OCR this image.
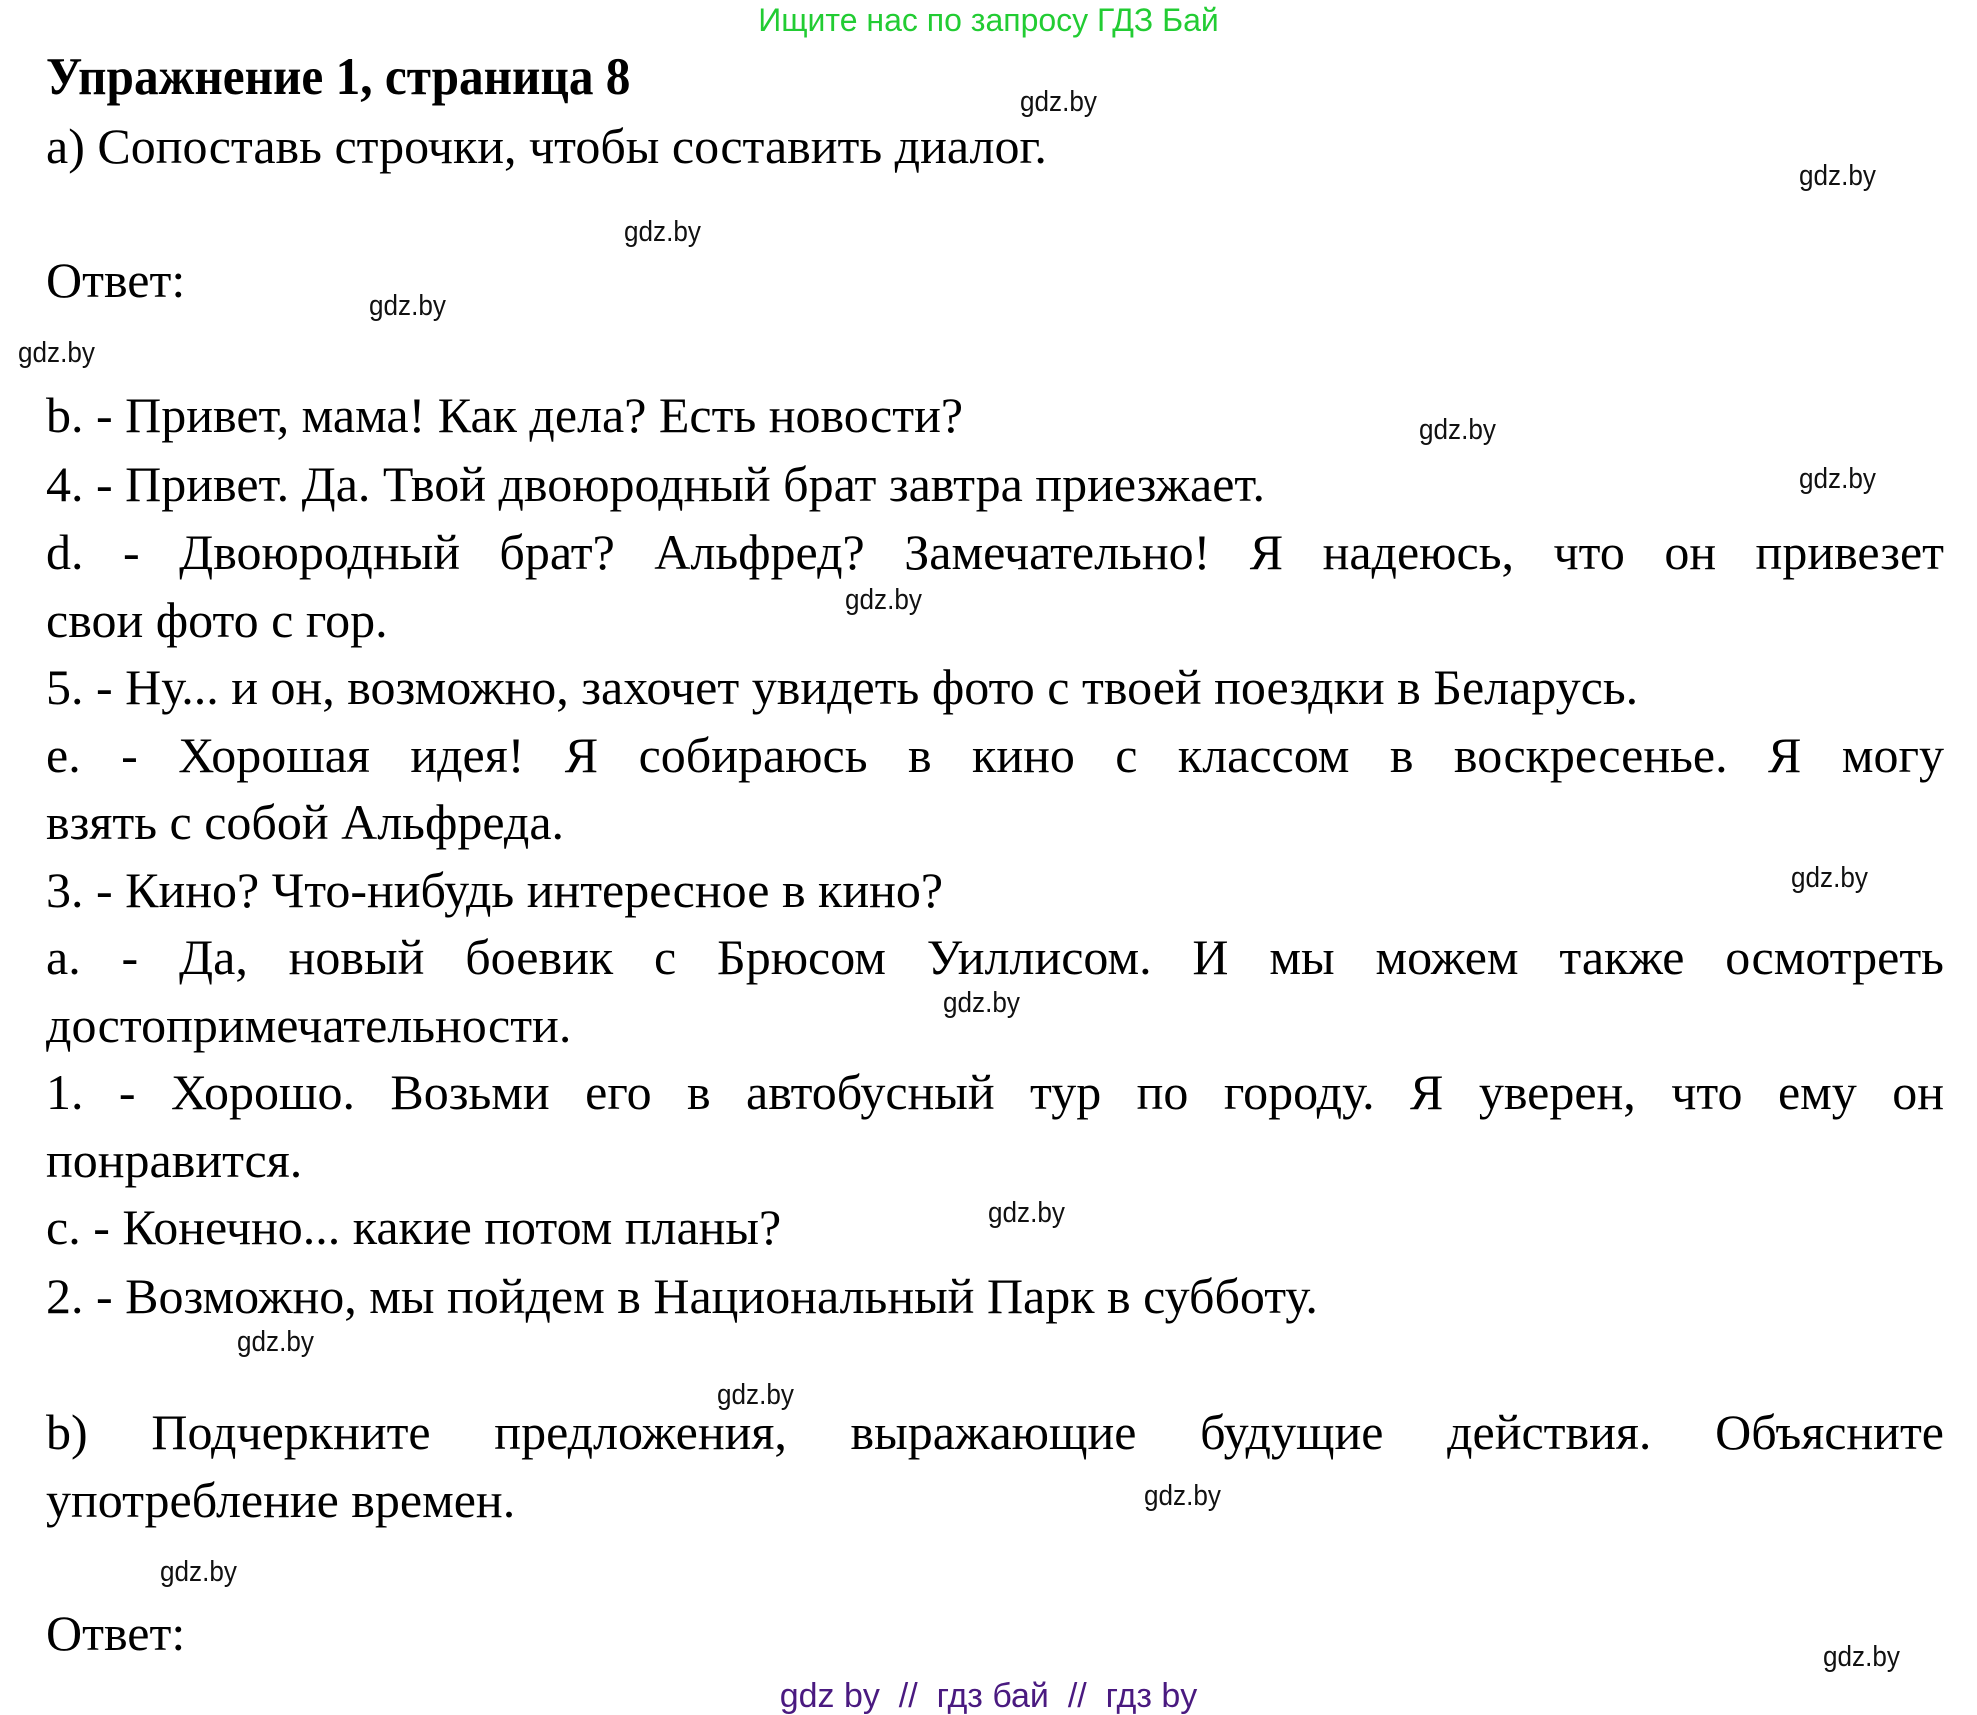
Ищите нас по запросу ГДЗ Бай
Упражнение 1, страница 8
а) Сопоставь строчки, чтобы составить диалог.
Ответ:
b. - Привет, мама! Как дела? Есть новости?
4. - Привет. Да. Твой двоюродный брат завтра приезжает.
d. - Двоюродный брат? Альфред? Замечательно! Я надеюсь, что он привезет
свои фото с гор.
5. - Ну... и он, возможно, захочет увидеть фото с твоей поездки в Беларусь.
e. - Хорошая идея! Я собираюсь в кино с классом в воскресенье. Я могу
взять с собой Альфреда.
3. - Кино? Что-нибудь интересное в кино?
a. - Да, новый боевик с Брюсом Уиллисом. И мы можем также осмотреть
достопримечательности.
1. - Хорошо. Возьми его в автобусный тур по городу. Я уверен, что ему он
понравится.
c. - Конечно... какие потом планы?
2. - Возможно, мы пойдем в Национальный Парк в субботу.
b) Подчеркните предложения, выражающие будущие действия. Объясните
употребление времен.
Ответ:
gdz.by
gdz.by
gdz.by
gdz.by
gdz.by
gdz.by
gdz.by
gdz.by
gdz.by
gdz.by
gdz.by
gdz.by
gdz.by
gdz.by
gdz.by
gdz.by
gdz by  //  гдз бай  //  гдз by
